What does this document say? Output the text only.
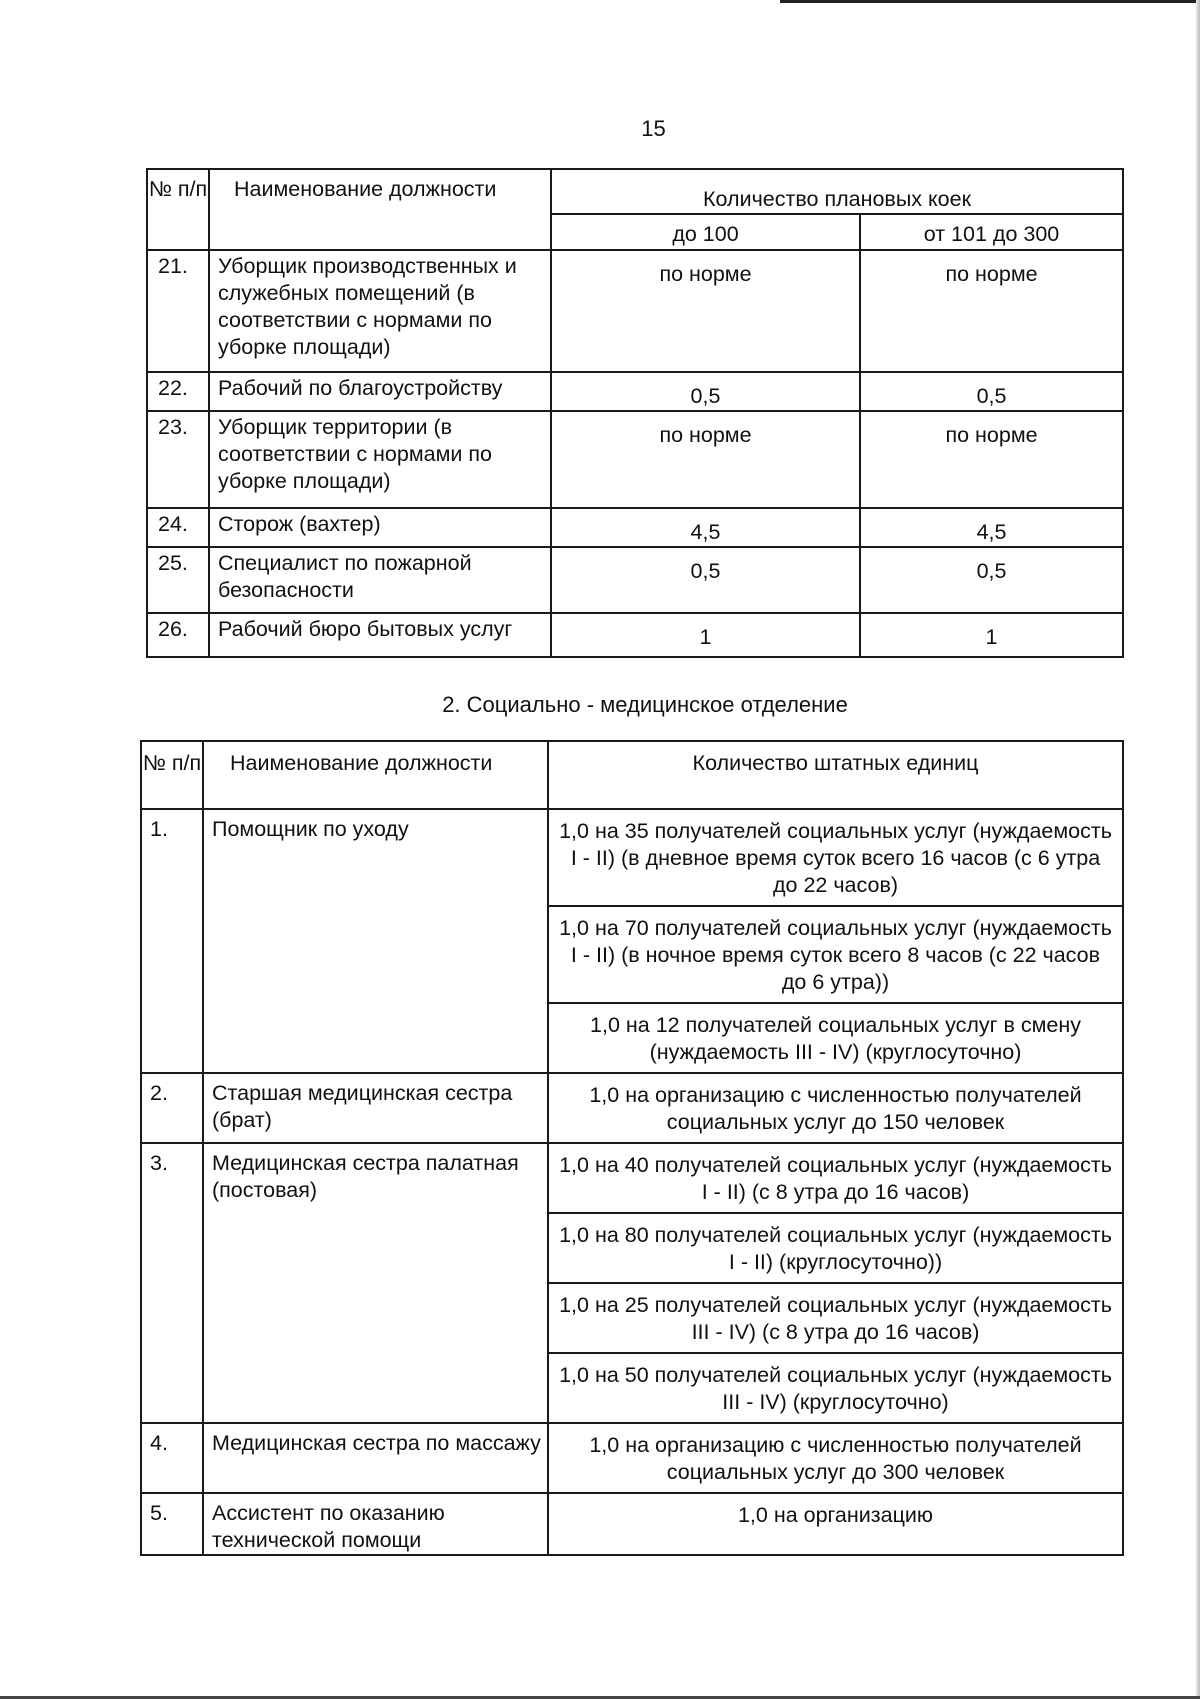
15
№ п/п	Наименование должности	Количество плановых коек	
		до 100	от 101 до 300
21.	Уборщик производственных и служебных помещений (в соответствии с нормами по уборке площади)	по норме	по норме
22.	Рабочий по благоустройству	0,5	0,5
23.	Уборщик территории (в соответствии с нормами по уборке площади)	по норме	по норме
24.	Сторож (вахтер)	4,5	4,5
25.	Специалист по пожарной безопасности	0,5	0,5
26.	Рабочий бюро бытовых услуг	1	1
2. Социально - медицинское отделение
№ п/п	Наименование должности	Количество штатных единиц
1.	Помощник по уходу	1,0 на 35 получателей социальных услуг (нуждаемость I - II) (в дневное время суток всего 16 часов (с 6 утра до 22 часов)
		1,0 на 70 получателей социальных услуг (нуждаемость I - II) (в ночное время суток всего 8 часов (с 22 часов до 6 утра))
		1,0 на 12 получателей социальных услуг в смену (нуждаемость III - IV) (круглосуточно)
2.	Старшая медицинская сестра (брат)	1,0 на организацию с численностью получателей социальных услуг до 150 человек
3.	Медицинская сестра палатная (постовая)	1,0 на 40 получателей социальных услуг (нуждаемость I - II) (с 8 утра до 16 часов)
		1,0 на 80 получателей социальных услуг (нуждаемость I - II) (круглосуточно))
		1,0 на 25 получателей социальных услуг (нуждаемость III - IV) (с 8 утра до 16 часов)
		1,0 на 50 получателей социальных услуг (нуждаемость III - IV) (круглосуточно)
4.	Медицинская сестра по массажу	1,0 на организацию с численностью получателей социальных услуг до 300 человек
5.	Ассистент по оказанию технической помощи	1,0 на организацию
